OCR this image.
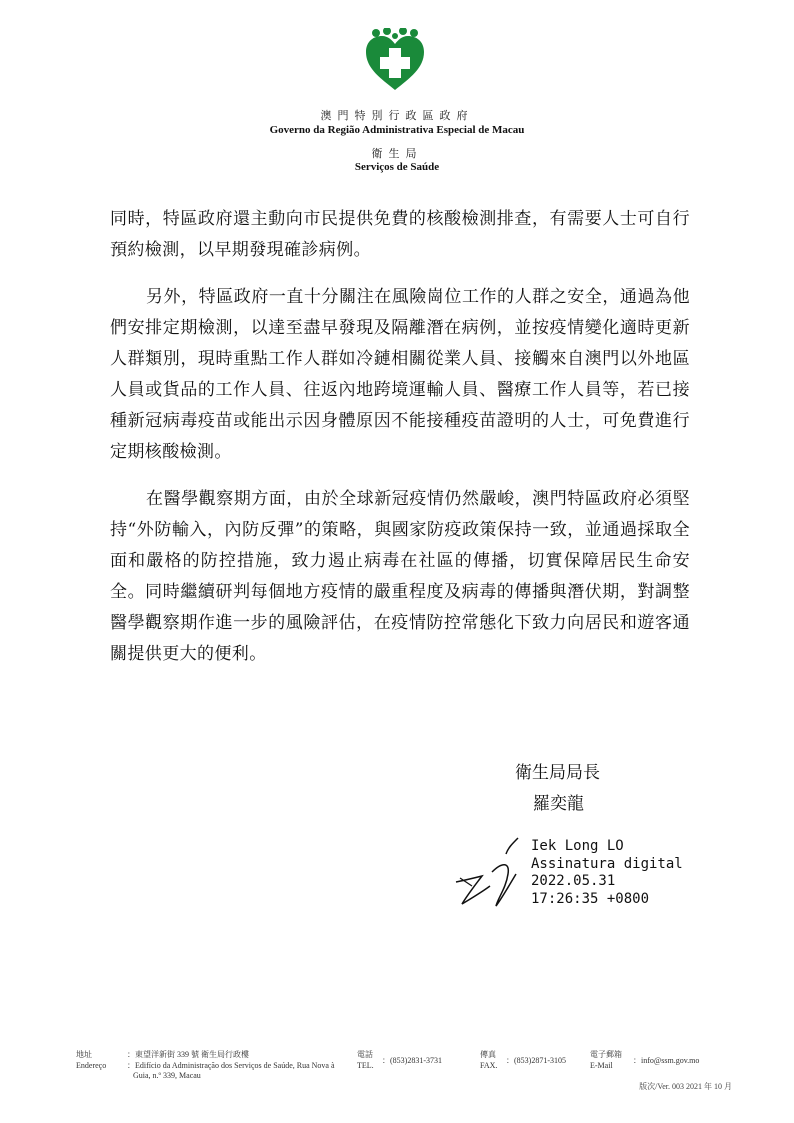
澳門特別行政區政府
Governo da Região Administrativa Especial de Macau
衛生局
Serviços de Saúde

同時，特區政府還主動向市民提供免費的核酸檢測排查，有需要人士可自行預約檢測，以早期發現確診病例。

另外，特區政府一直十分關注在風險崗位工作的人群之安全，通過為他們安排定期檢測，以達至盡早發現及隔離潛在病例，並按疫情變化適時更新人群類別，現時重點工作人群如冷鏈相關從業人員、接觸來自澳門以外地區人員或貨品的工作人員、往返內地跨境運輸人員、醫療工作人員等，若已接種新冠病毒疫苗或能出示因身體原因不能接種疫苗證明的人士，可免費進行定期核酸檢測。

在醫學觀察期方面，由於全球新冠疫情仍然嚴峻，澳門特區政府必須堅持“外防輸入，內防反彈”的策略，與國家防疫政策保持一致，並通過採取全面和嚴格的防控措施，致力遏止病毒在社區的傳播，切實保障居民生命安全。同時繼續研判每個地方疫情的嚴重程度及病毒的傳播與潛伏期，對調整醫學觀察期作進一步的風險評估，在疫情防控常態化下致力向居民和遊客通關提供更大的便利。

衛生局局長
羅奕龍
Iek Long LO
Assinatura digital
2022.05.31
17:26:35 +0800
地址
Endereço
：東望洋新街 339 號 衛生局行政樓
：Edifício da Administração dos Serviços de Saúde, Rua Nova à
Guia, n.º 339, Macau
電話
TEL. ：(853)2831-3731
傳真
FAX. ：(853)2871-3105
電子郵箱
E-Mail	：info@ssm.gov.mo
版次/Ver. 003 2021 年 10 月
